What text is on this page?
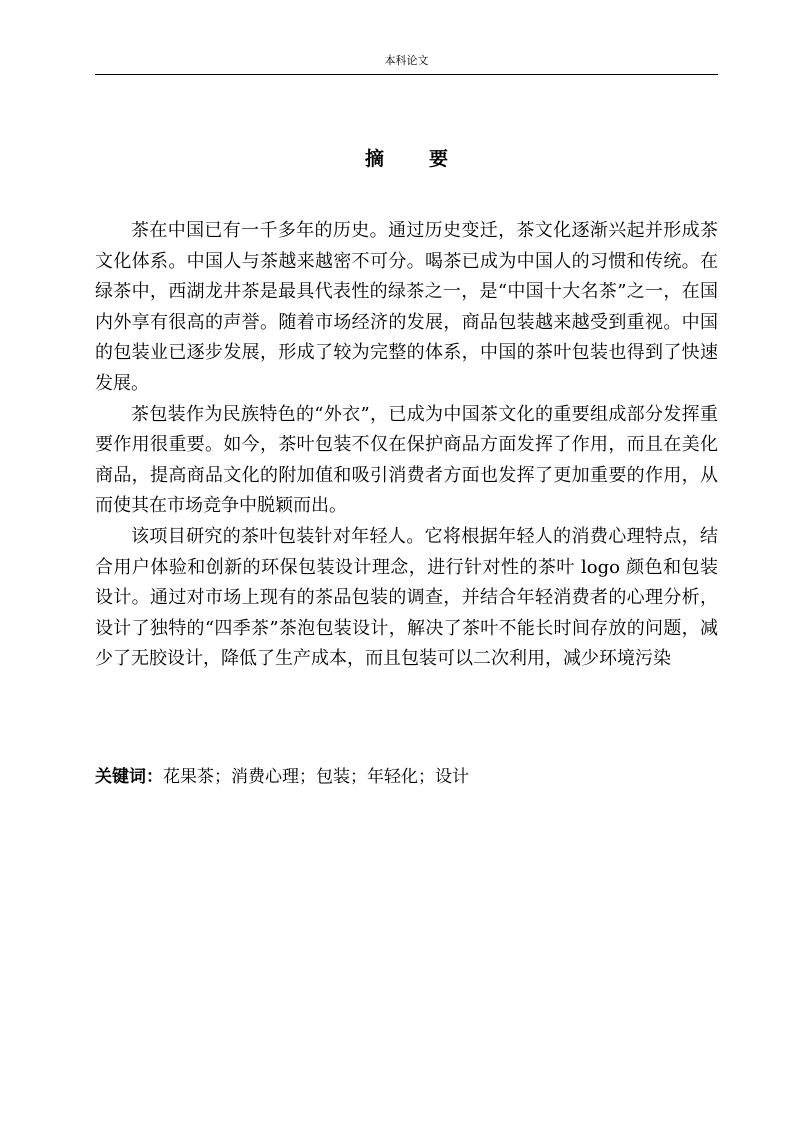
本科论文
摘 要

茶在中国已有一千多年的历史。通过历史变迁，茶文化逐渐兴起并形成茶文化体系。中国人与茶越来越密不可分。喝茶已成为中国人的习惯和传统。在绿茶中，西湖龙井茶是最具代表性的绿茶之一，是“中国十大名茶”之一，在国内外享有很高的声誉。随着市场经济的发展，商品包装越来越受到重视。中国的包装业已逐步发展，形成了较为完整的体系，中国的茶叶包装也得到了快速发展。

茶包装作为民族特色的“外衣”，已成为中国茶文化的重要组成部分发挥重要作用很重要。如今，茶叶包装不仅在保护商品方面发挥了作用，而且在美化商品，提高商品文化的附加值和吸引消费者方面也发挥了更加重要的作用，从而使其在市场竞争中脱颖而出。

该项目研究的茶叶包装针对年轻人。它将根据年轻人的消费心理特点，结合用户体验和创新的环保包装设计理念，进行针对性的茶叶 logo 颜色和包装设计。通过对市场上现有的茶品包装的调查，并结合年轻消费者的心理分析，设计了独特的“四季茶”茶泡包装设计，解决了茶叶不能长时间存放的问题，减少了无胶设计，降低了生产成本，而且包装可以二次利用，减少环境污染

关键词：花果茶；消费心理；包装；年轻化；设计
